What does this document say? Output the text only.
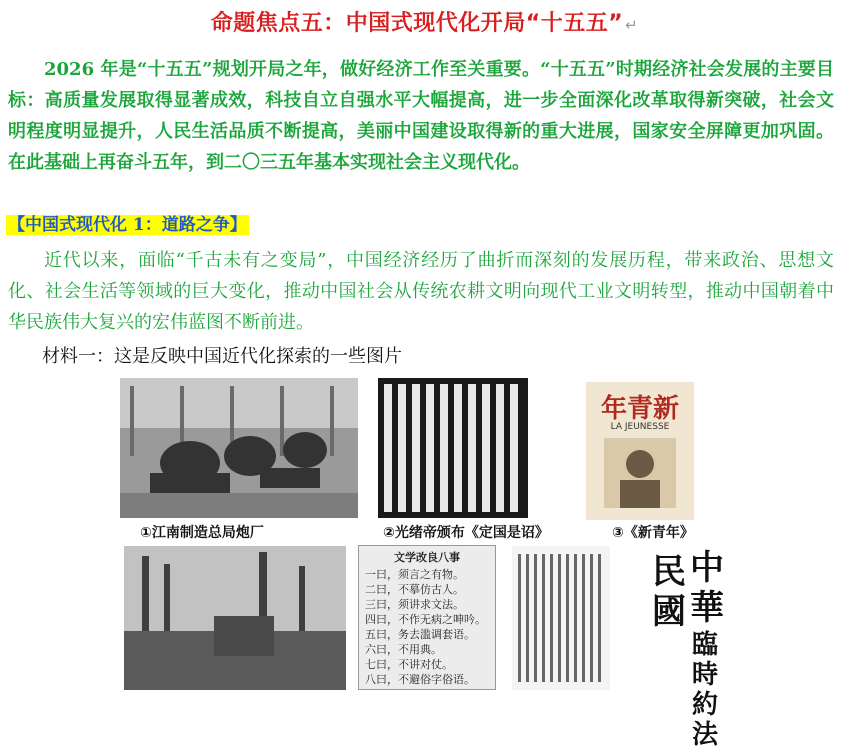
命题焦点五：中国式现代化开局“十五五” ↵
2026 年是“十五五”规划开局之年，做好经济工作至关重要。“十五五”时期经济社会发展的主要目标：高质量发展取得显著成效，科技自立自强水平大幅提高，进一步全面深化改革取得新突破，社会文明程度明显提升，人民生活品质不断提高，美丽中国建设取得新的重大进展，国家安全屏障更加巩固。在此基础上再奋斗五年，到二〇三五年基本实现社会主义现代化。
【中国式现代化 1：道路之争】
近代以来，面临“千古未有之变局”，中国经济经历了曲折而深刻的发展历程，带来政治、思想文化、社会生活等领域的巨大变化，推动中国社会从传统农耕文明向现代工业文明转型，推动中国朝着中华民族伟大复兴的宏伟蓝图不断前进。
材料一：这是反映中国近代化探索的一些图片
①江南制造总局炮厂	②光绪帝颁布《定国是诏》
年青新
LA JEUNESSE
③《新青年》
文学改良八事
一曰，须言之有物。
二曰，不摹仿古人。
三曰，须讲求文法。
四曰，不作无病之呻吟。
五曰，务去滥调套语。
六曰，不用典。
七曰，不讲对仗。
八曰，不避俗字俗语。
中華
民國
臨時約法
